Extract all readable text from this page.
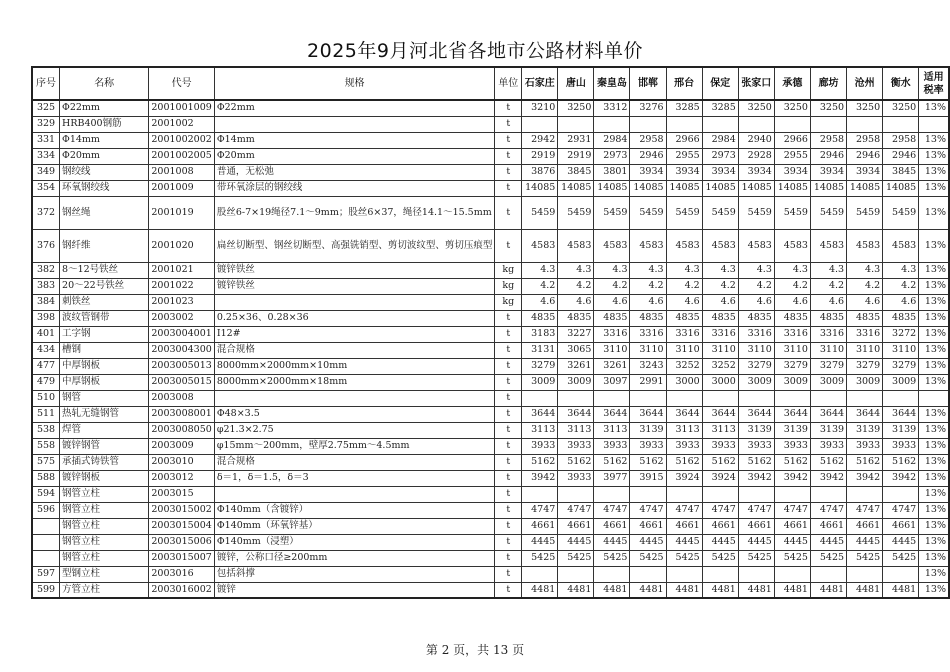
2025年9月河北省各地市公路材料单价
序号	名称	代号	规格	单位	石家庄	唐山	秦皇岛	邯郸	邢台	保定	张家口	承德	廊坊	沧州	衡水	适用
税率
325	Φ22mm	2001001009	Φ22mm	t	3210	3250	3312	3276	3285	3285	3250	3250	3250	3250	3250	13%
329	HRB400钢筋	2001002		t												
331	Φ14mm	2001002002	Φ14mm	t	2942	2931	2984	2958	2966	2984	2940	2966	2958	2958	2958	13%
334	Φ20mm	2001002005	Φ20mm	t	2919	2919	2973	2946	2955	2973	2928	2955	2946	2946	2946	13%
349	钢绞线	2001008	普通，无松弛	t	3876	3845	3801	3934	3934	3934	3934	3934	3934	3934	3845	13%
354	环氧钢绞线	2001009	带环氧涂层的钢绞线	t	14085	14085	14085	14085	14085	14085	14085	14085	14085	14085	14085	13%
372	钢丝绳	2001019	股丝6-7×19绳径7.1～9mm；股丝6×37，绳径14.1～15.5mm	t	5459	5459	5459	5459	5459	5459	5459	5459	5459	5459	5459	13%
376	钢纤维	2001020	扁丝切断型、钢丝切断型、高强铣销型、剪切波纹型、剪切压痕型	t	4583	4583	4583	4583	4583	4583	4583	4583	4583	4583	4583	13%
382	8～12号铁丝	2001021	镀锌铁丝	kg	4.3	4.3	4.3	4.3	4.3	4.3	4.3	4.3	4.3	4.3	4.3	13%
383	20～22号铁丝	2001022	镀锌铁丝	kg	4.2	4.2	4.2	4.2	4.2	4.2	4.2	4.2	4.2	4.2	4.2	13%
384	刺铁丝	2001023		kg	4.6	4.6	4.6	4.6	4.6	4.6	4.6	4.6	4.6	4.6	4.6	13%
398	波纹管钢带	2003002	0.25×36、0.28×36	t	4835	4835	4835	4835	4835	4835	4835	4835	4835	4835	4835	13%
401	工字钢	2003004001	I12#	t	3183	3227	3316	3316	3316	3316	3316	3316	3316	3316	3272	13%
434	槽钢	2003004300	混合规格	t	3131	3065	3110	3110	3110	3110	3110	3110	3110	3110	3110	13%
477	中厚钢板	2003005013	8000mm×2000mm×10mm	t	3279	3261	3261	3243	3252	3252	3279	3279	3279	3279	3279	13%
479	中厚钢板	2003005015	8000mm×2000mm×18mm	t	3009	3009	3097	2991	3000	3000	3009	3009	3009	3009	3009	13%
510	钢管	2003008		t												
511	热轧无缝钢管	2003008001	Φ48×3.5	t	3644	3644	3644	3644	3644	3644	3644	3644	3644	3644	3644	13%
538	焊管	2003008050	φ21.3×2.75	t	3113	3113	3113	3139	3113	3113	3139	3139	3139	3139	3139	13%
558	镀锌钢管	2003009	φ15mm～200mm，壁厚2.75mm～4.5mm	t	3933	3933	3933	3933	3933	3933	3933	3933	3933	3933	3933	13%
575	承插式铸铁管	2003010	混合规格	t	5162	5162	5162	5162	5162	5162	5162	5162	5162	5162	5162	13%
588	镀锌钢板	2003012	δ＝1，δ＝1.5，δ＝3	t	3942	3933	3977	3915	3924	3924	3942	3942	3942	3942	3942	13%
594	钢管立柱	2003015		t												13%
596	钢管立柱	2003015002	Φ140mm（含镀锌）	t	4747	4747	4747	4747	4747	4747	4747	4747	4747	4747	4747	13%
	钢管立柱	2003015004	Φ140mm（环氧锌基）	t	4661	4661	4661	4661	4661	4661	4661	4661	4661	4661	4661	13%
	钢管立柱	2003015006	Φ140mm（浸塑）	t	4445	4445	4445	4445	4445	4445	4445	4445	4445	4445	4445	13%
	钢管立柱	2003015007	镀锌，公称口径≥200mm	t	5425	5425	5425	5425	5425	5425	5425	5425	5425	5425	5425	13%
597	型钢立柱	2003016	包括斜撑	t												13%
599	方管立柱	2003016002	镀锌	t	4481	4481	4481	4481	4481	4481	4481	4481	4481	4481	4481	13%
第 2 页，共 13 页
